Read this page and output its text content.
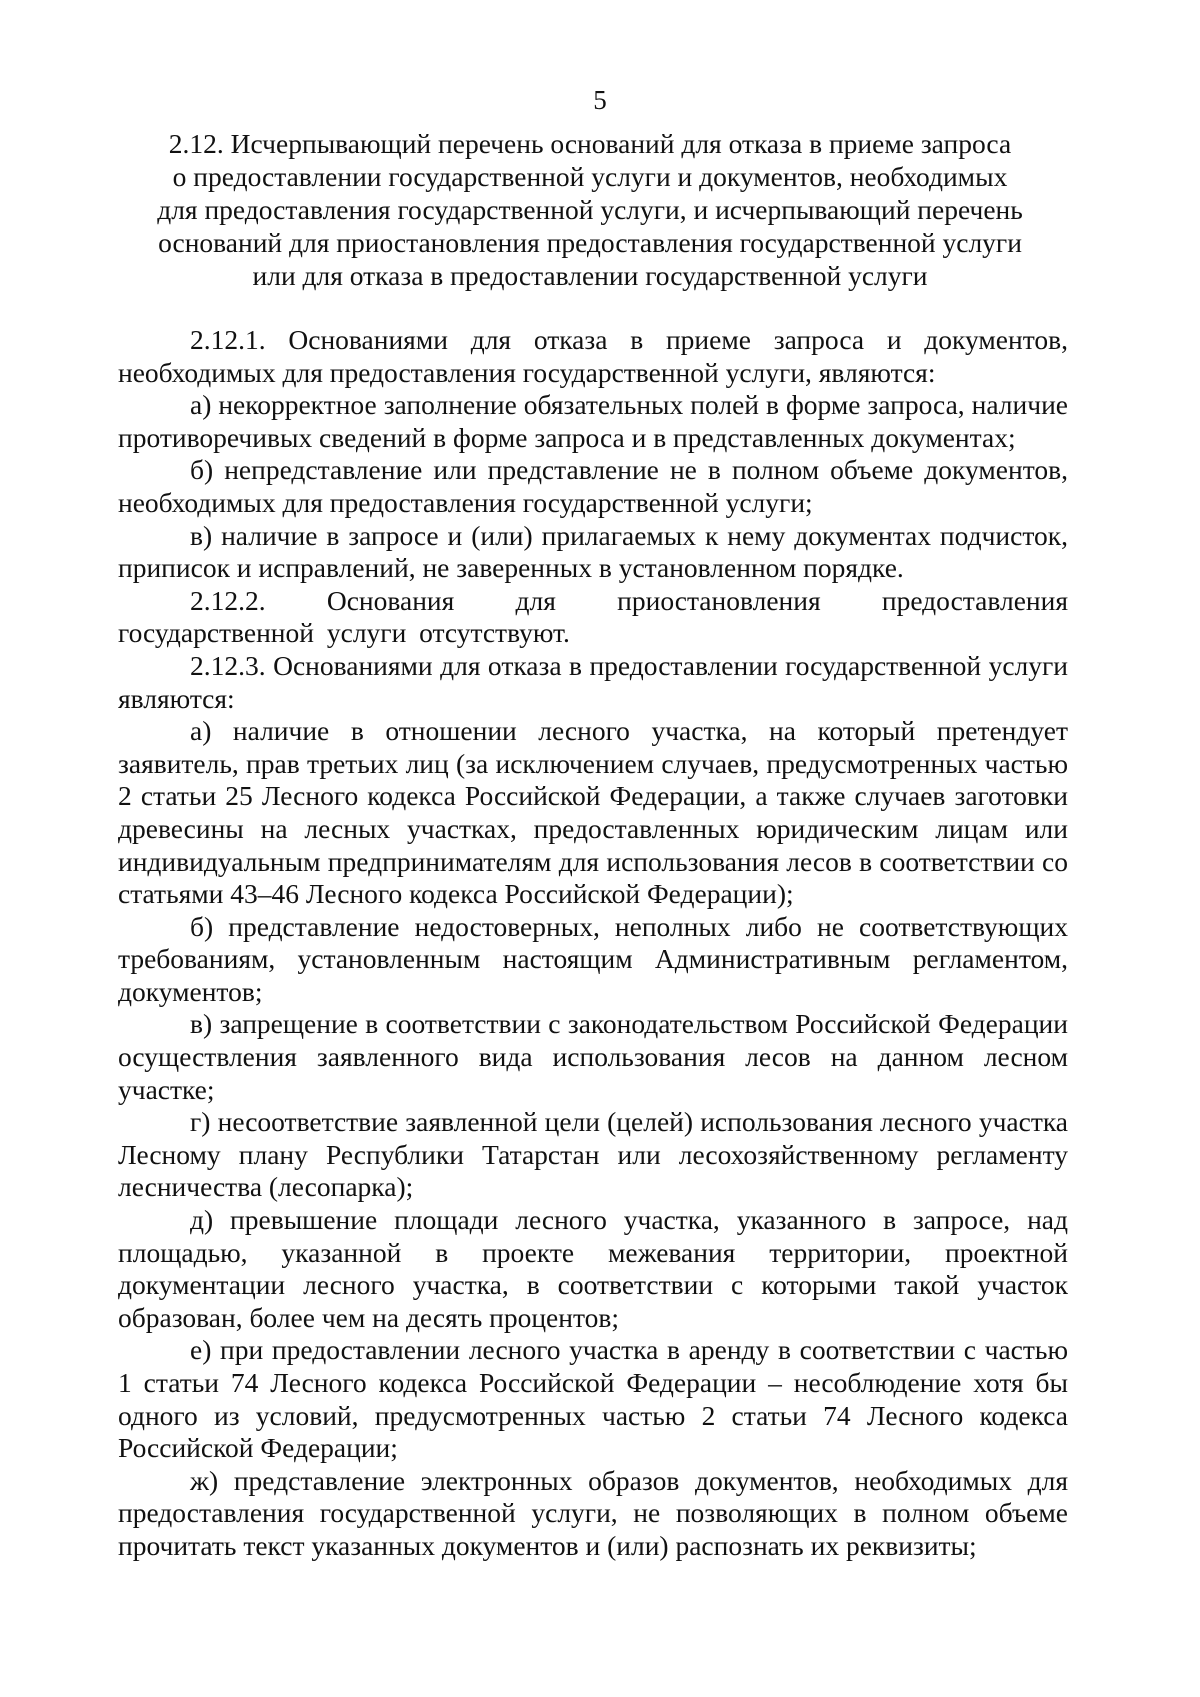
5
2.12. Исчерпывающий перечень оснований для отказа в приеме запроса
о предоставлении государственной услуги и документов, необходимых
для предоставления государственной услуги, и исчерпывающий перечень
оснований для приостановления предоставления государственной услуги
или для отказа в предоставлении государственной услуги

2.12.1. Основаниями для отказа в приеме запроса и документов, необходимых для предоставления государственной услуги, являются:

а) некорректное заполнение обязательных полей в форме запроса, наличие противоречивых сведений в форме запроса и в представленных документах;

б) непредставление или представление не в полном объеме документов, необходимых для предоставления государственной услуги;

в) наличие в запросе и (или) прилагаемых к нему документах подчисток, приписок и исправлений, не заверенных в установленном порядке.

2.12.2. Основания для приостановления предоставления государственной услуги отсутствуют.

2.12.3. Основаниями для отказа в предоставлении государственной услуги являются:

а) наличие в отношении лесного участка, на который претендует заявитель, прав третьих лиц (за исключением случаев, предусмотренных частью 2 статьи 25 Лесного кодекса Российской Федерации, а также случаев заготовки древесины на лесных участках, предоставленных юридическим лицам или индивидуальным предпринимателям для использования лесов в соответствии со статьями 43–46 Лесного кодекса Российской Федерации);

б) представление недостоверных, неполных либо не соответствующих требованиям, установленным настоящим Административным регламентом, документов;

в) запрещение в соответствии с законодательством Российской Федерации осуществления заявленного вида использования лесов на данном лесном участке;

г) несоответствие заявленной цели (целей) использования лесного участка Лесному плану Республики Татарстан или лесохозяйственному регламенту лесничества (лесопарка);

д) превышение площади лесного участка, указанного в запросе, над площадью, указанной в проекте межевания территории, проектной документации лесного участка, в соответствии с которыми такой участок образован, более чем на десять процентов;

е) при предоставлении лесного участка в аренду в соответствии с частью 1 статьи 74 Лесного кодекса Российской Федерации – несоблюдение хотя бы одного из условий, предусмотренных частью 2 статьи 74 Лесного кодекса Российской Федерации;

ж) представление электронных образов документов, необходимых для предоставления государственной услуги, не позволяющих в полном объеме прочитать текст указанных документов и (или) распознать их реквизиты;
